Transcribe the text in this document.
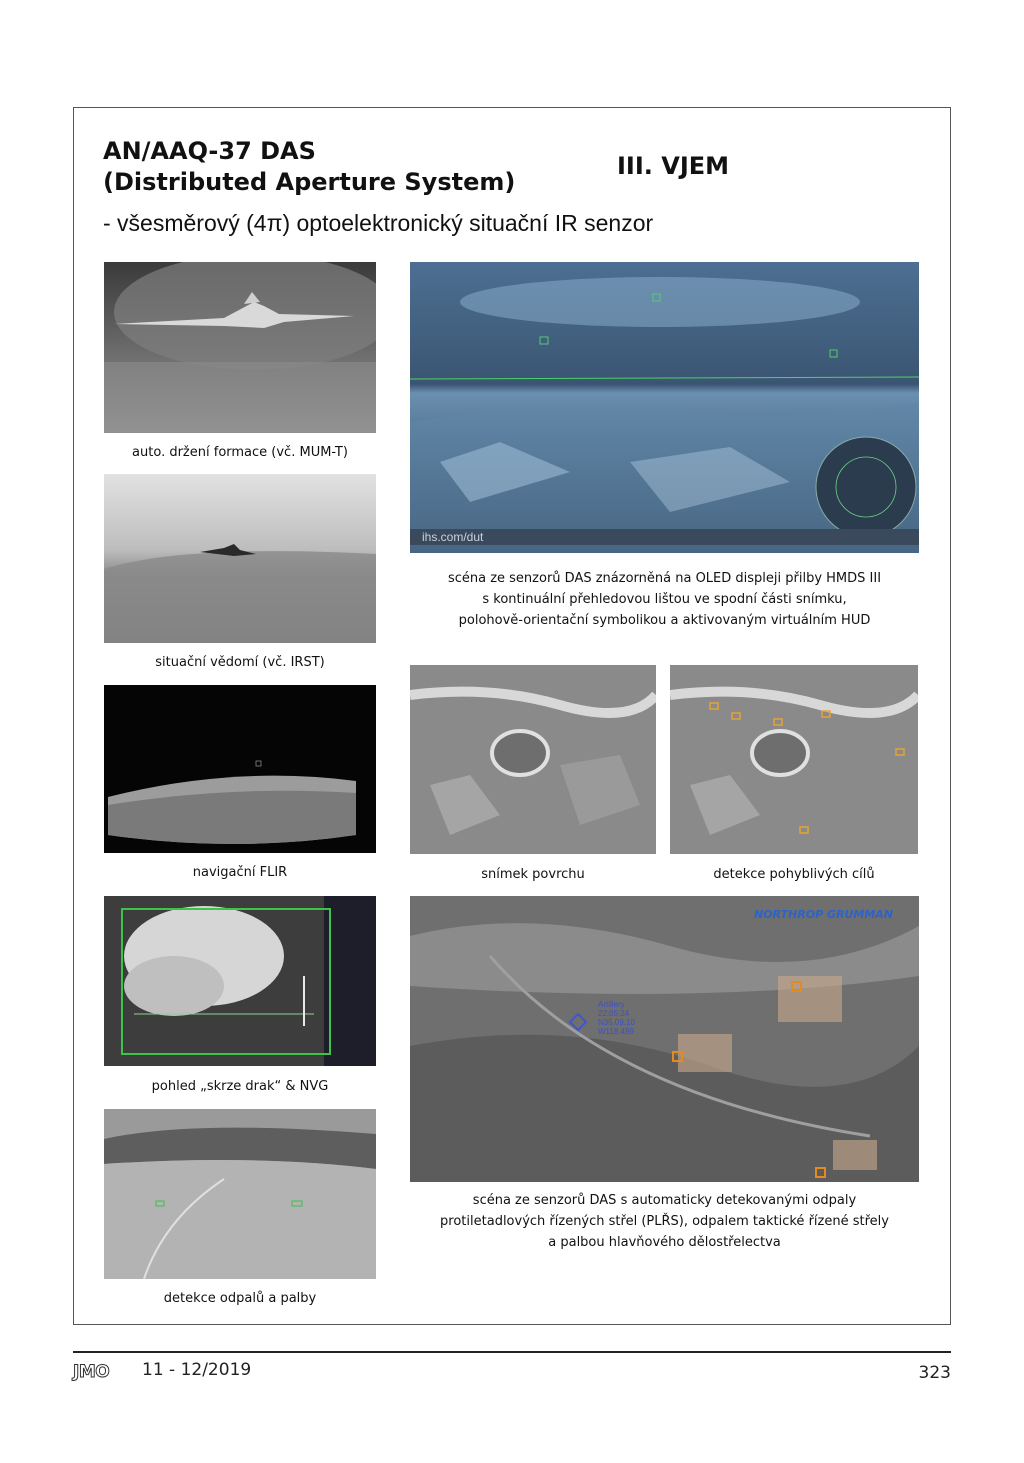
AN/AAQ-37 DAS
(Distributed Aperture System)
III. VJEM

- všesměrový (4π) optoelektronický situační IR senzor

auto. držení formace (vč. MUM-T)
situační vědomí (vč. IRST)
navigační FLIR
pohled „skrze drak“ & NVG
detekce odpalů a palby
ihs.com/dut
scéna ze senzorů DAS znázorněná na OLED displeji přilby HMDS III
s kontinuální přehledovou lištou ve spodní části snímku,
polohově-orientační symbolikou a aktivovaným virtuálním HUD
snímek povrchu	detekce pohyblivých cílů
NORTHROP GRUMMAN
Artillery
22:05:24
N35.09.10
W118.499
scéna ze senzorů DAS s automaticky detekovanými odpaly
protiletadlových řízených střel (PLŘS), odpalem taktické řízené střely
a palbou hlavňového dělostřelectva
JMO 11 - 12/2019	323
